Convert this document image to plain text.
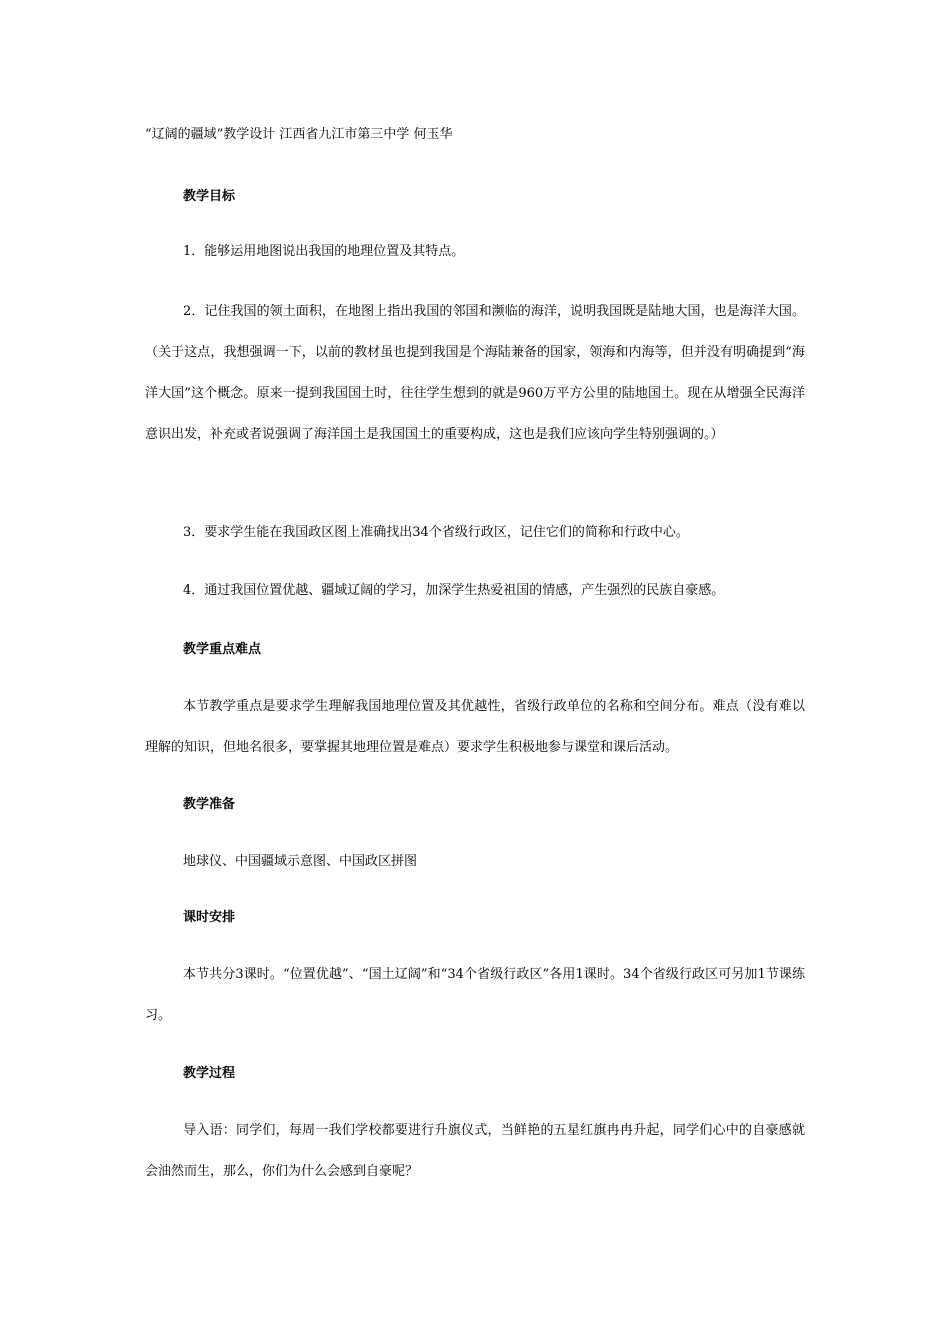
“辽阔的疆域”教学设计 江西省九江市第三中学 何玉华
教学目标
1．能够运用地图说出我国的地理位置及其特点。
2．记住我国的领土面积，在地图上指出我国的邻国和濒临的海洋，说明我国既是陆地大国，也是海洋大国。（关于这点，我想强调一下，以前的教材虽也提到我国是个海陆兼备的国家，领海和内海等，但并没有明确提到“海洋大国”这个概念。原来一提到我国国土时，往往学生想到的就是960万平方公里的陆地国土。现在从增强全民海洋意识出发，补充或者说强调了海洋国土是我国国土的重要构成，这也是我们应该向学生特别强调的。）
3．要求学生能在我国政区图上准确找出34个省级行政区，记住它们的简称和行政中心。
4．通过我国位置优越、疆域辽阔的学习，加深学生热爱祖国的情感，产生强烈的民族自豪感。
教学重点难点
本节教学重点是要求学生理解我国地理位置及其优越性，省级行政单位的名称和空间分布。难点（没有难以理解的知识，但地名很多，要掌握其地理位置是难点）要求学生积极地参与课堂和课后活动。
教学准备
地球仪、中国疆域示意图、中国政区拼图
课时安排
本节共分3课时。“位置优越”、“国土辽阔”和“34个省级行政区”各用1课时。34个省级行政区可另加1节课练习。
教学过程
导入语：同学们，每周一我们学校都要进行升旗仪式，当鲜艳的五星红旗冉冉升起，同学们心中的自豪感就会油然而生，那么，你们为什么会感到自豪呢？
